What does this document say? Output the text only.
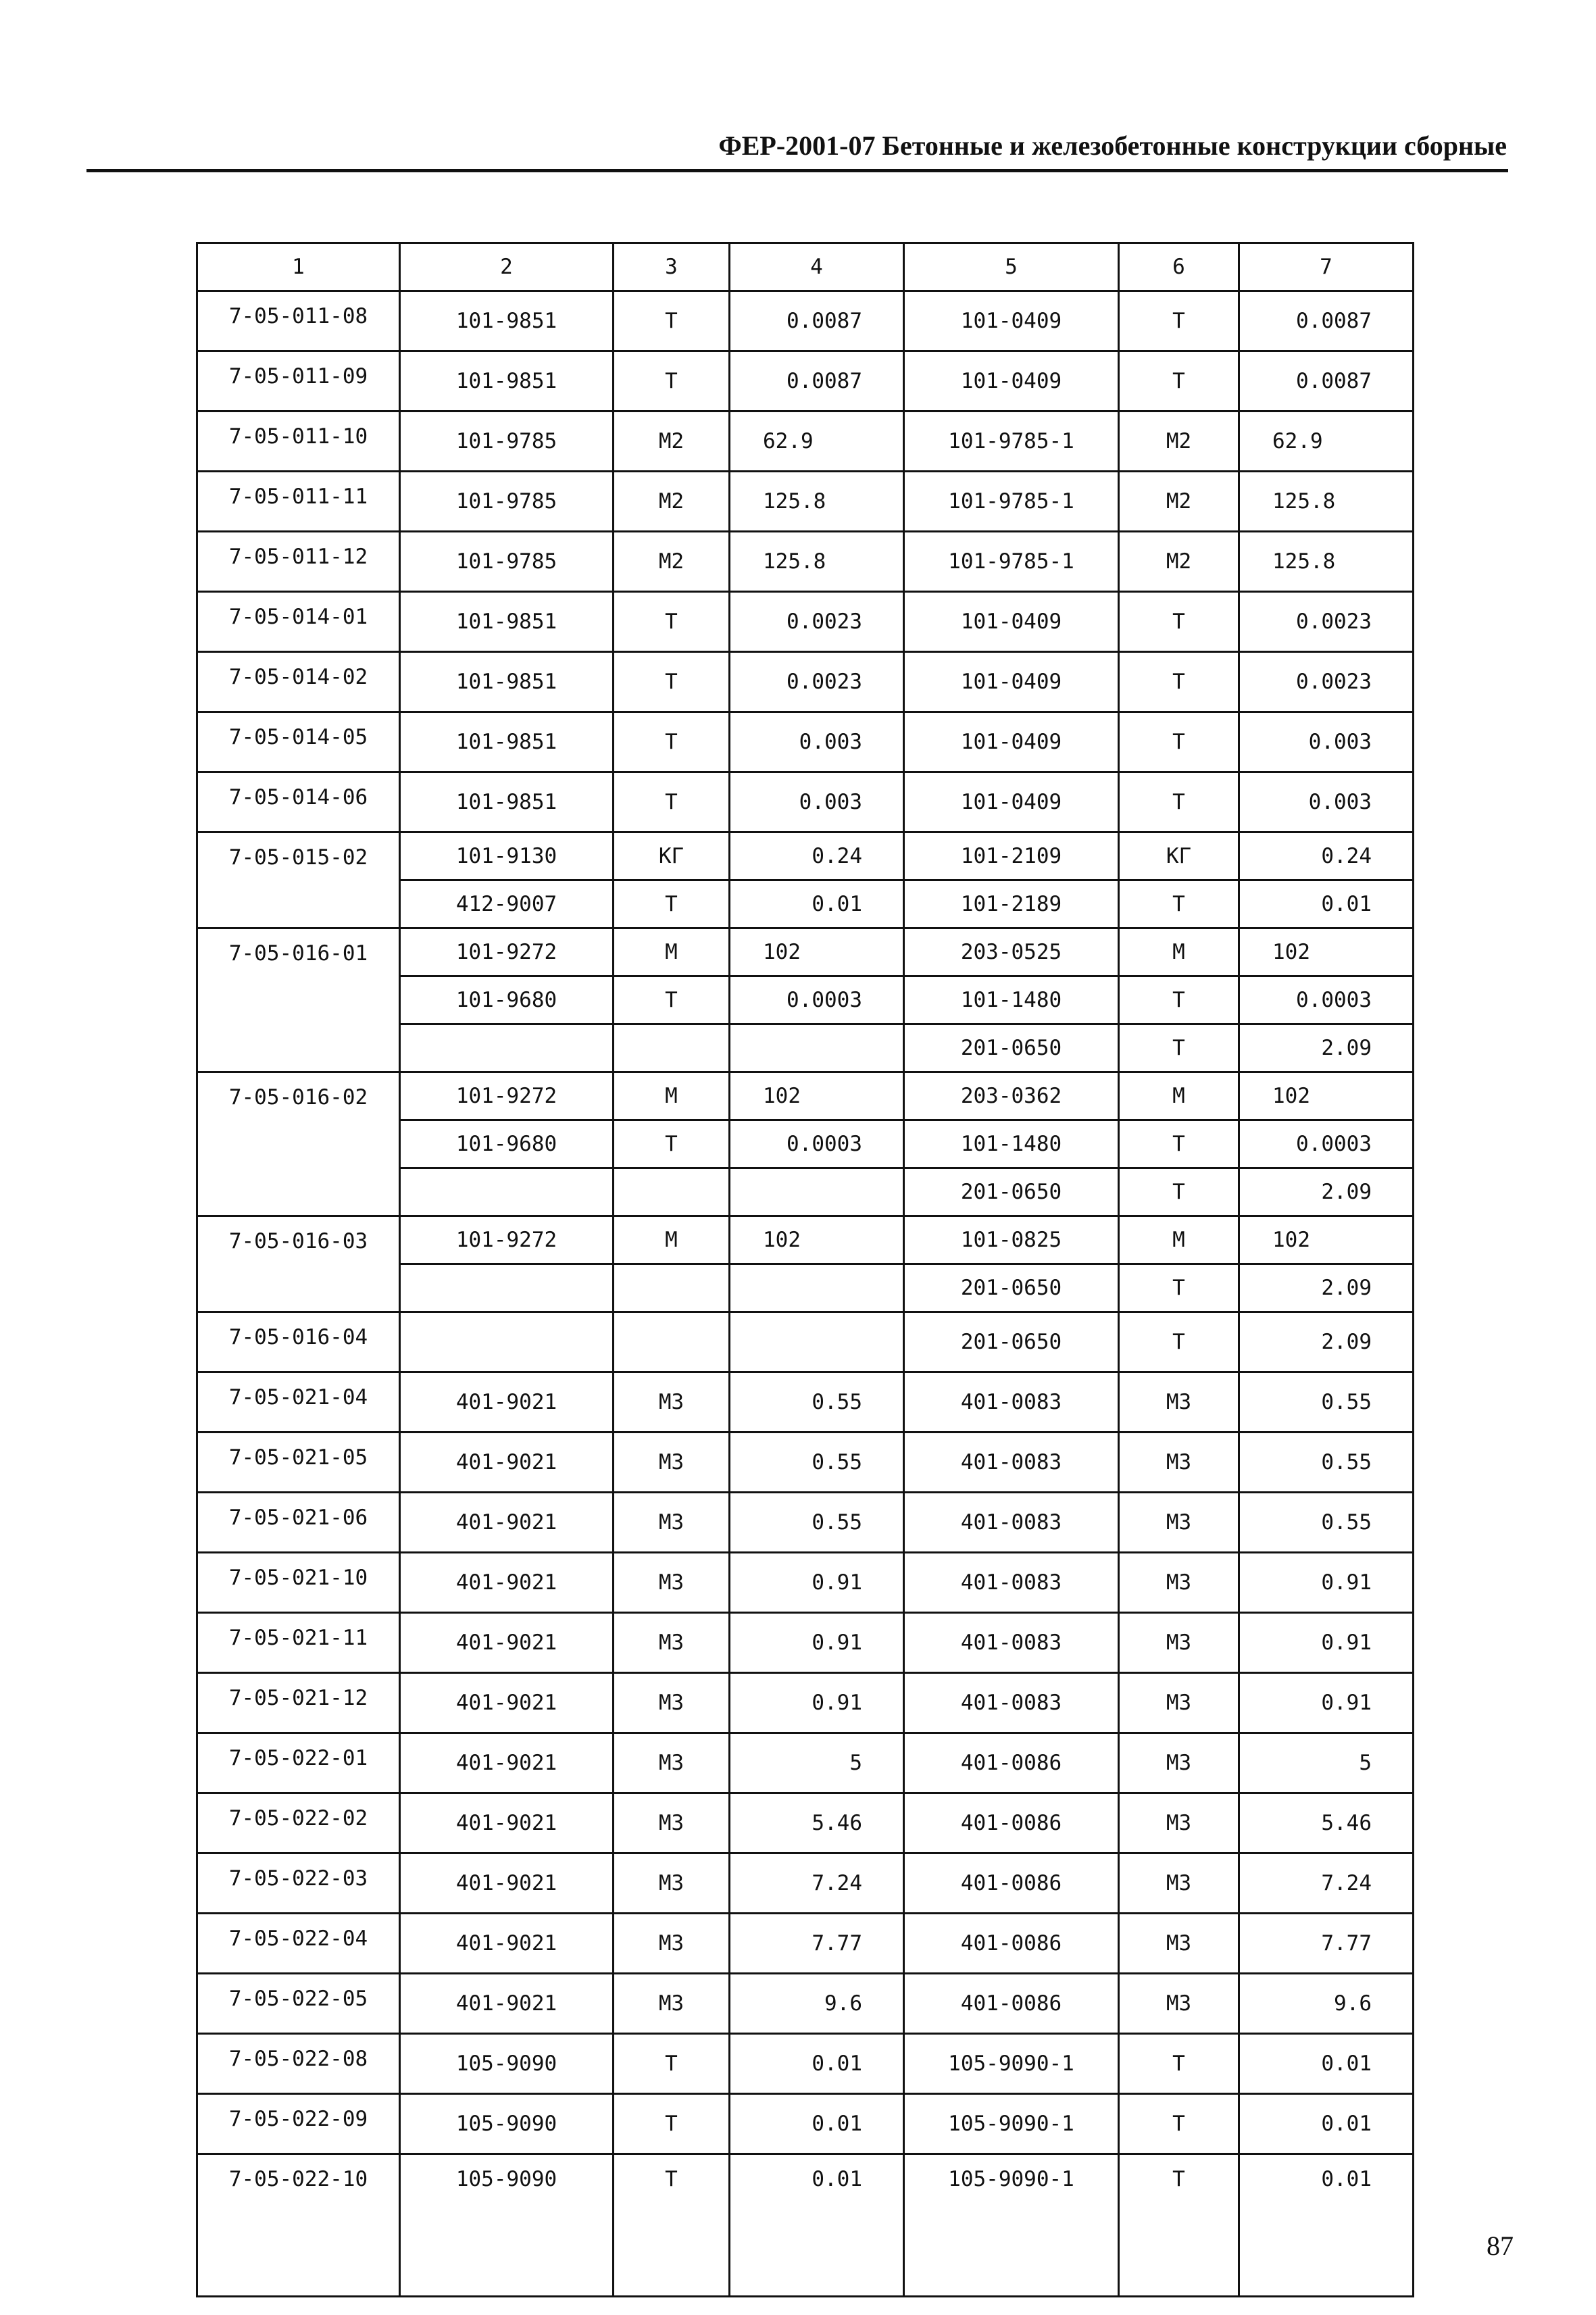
ФЕР-2001-07 Бетонные и железобетонные конструкции сборные
1	2	3	4	5	6	7
7-05-011-08	101-9851	Т	0.0087	101-0409	Т	0.0087
7-05-011-09	101-9851	Т	0.0087	101-0409	Т	0.0087
7-05-011-10	101-9785	М2	62.9	101-9785-1	М2	62.9
7-05-011-11	101-9785	М2	125.8	101-9785-1	М2	125.8
7-05-011-12	101-9785	М2	125.8	101-9785-1	М2	125.8
7-05-014-01	101-9851	Т	0.0023	101-0409	Т	0.0023
7-05-014-02	101-9851	Т	0.0023	101-0409	Т	0.0023
7-05-014-05	101-9851	Т	0.003	101-0409	Т	0.003
7-05-014-06	101-9851	Т	0.003	101-0409	Т	0.003
7-05-015-02	101-9130	КГ	0.24	101-2109	КГ	0.24
	412-9007	Т	0.01	101-2189	Т	0.01
7-05-016-01	101-9272	М	102	203-0525	М	102
	101-9680	Т	0.0003	101-1480	Т	0.0003
				201-0650	Т	2.09
7-05-016-02	101-9272	М	102	203-0362	М	102
	101-9680	Т	0.0003	101-1480	Т	0.0003
				201-0650	Т	2.09
7-05-016-03	101-9272	М	102	101-0825	М	102
				201-0650	Т	2.09
7-05-016-04				201-0650	Т	2.09
7-05-021-04	401-9021	М3	0.55	401-0083	М3	0.55
7-05-021-05	401-9021	М3	0.55	401-0083	М3	0.55
7-05-021-06	401-9021	М3	0.55	401-0083	М3	0.55
7-05-021-10	401-9021	М3	0.91	401-0083	М3	0.91
7-05-021-11	401-9021	М3	0.91	401-0083	М3	0.91
7-05-021-12	401-9021	М3	0.91	401-0083	М3	0.91
7-05-022-01	401-9021	М3	5	401-0086	М3	5
7-05-022-02	401-9021	М3	5.46	401-0086	М3	5.46
7-05-022-03	401-9021	М3	7.24	401-0086	М3	7.24
7-05-022-04	401-9021	М3	7.77	401-0086	М3	7.77
7-05-022-05	401-9021	М3	9.6	401-0086	М3	9.6
7-05-022-08	105-9090	Т	0.01	105-9090-1	Т	0.01
7-05-022-09	105-9090	Т	0.01	105-9090-1	Т	0.01
7-05-022-10	105-9090	Т	0.01	105-9090-1	Т	0.01
87
